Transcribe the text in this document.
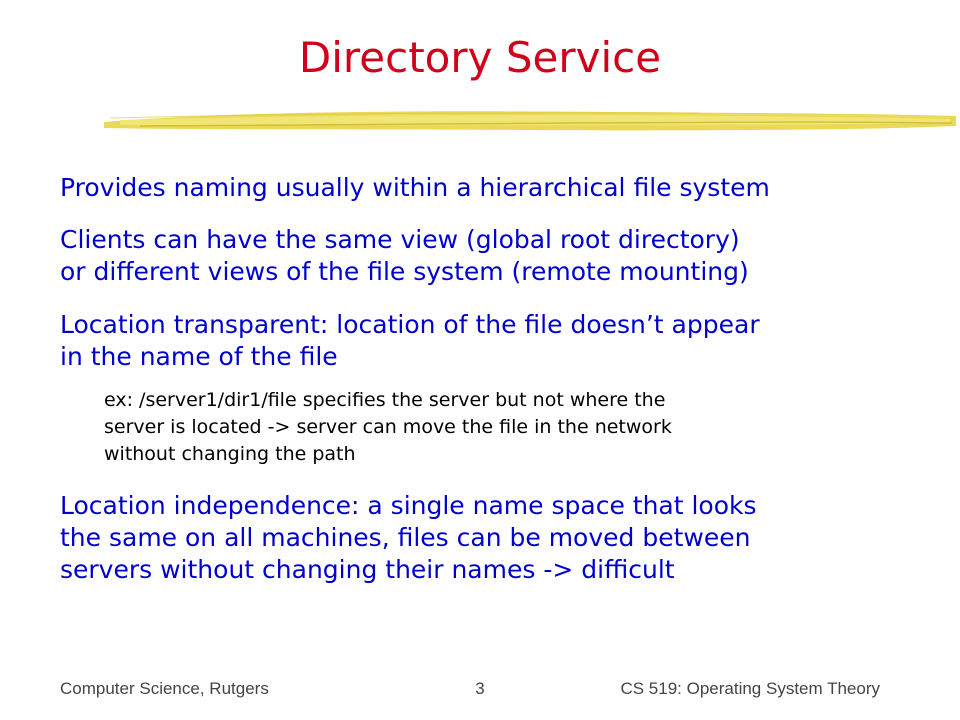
Directory Service
Provides naming usually within a hierarchical file system
Clients can have the same view (global root directory)
or different views of the file system (remote mounting)
Location transparent: location of the file doesn’t appear
in the name of the file
ex: /server1/dir1/file specifies the server but not where the
server is located -> server can move the file in the network
without changing the path
Location independence: a single name space that looks
the same on all machines, files can be moved between
servers without changing their names -> difficult
Computer Science, Rutgers	3	CS 519: Operating System Theory
